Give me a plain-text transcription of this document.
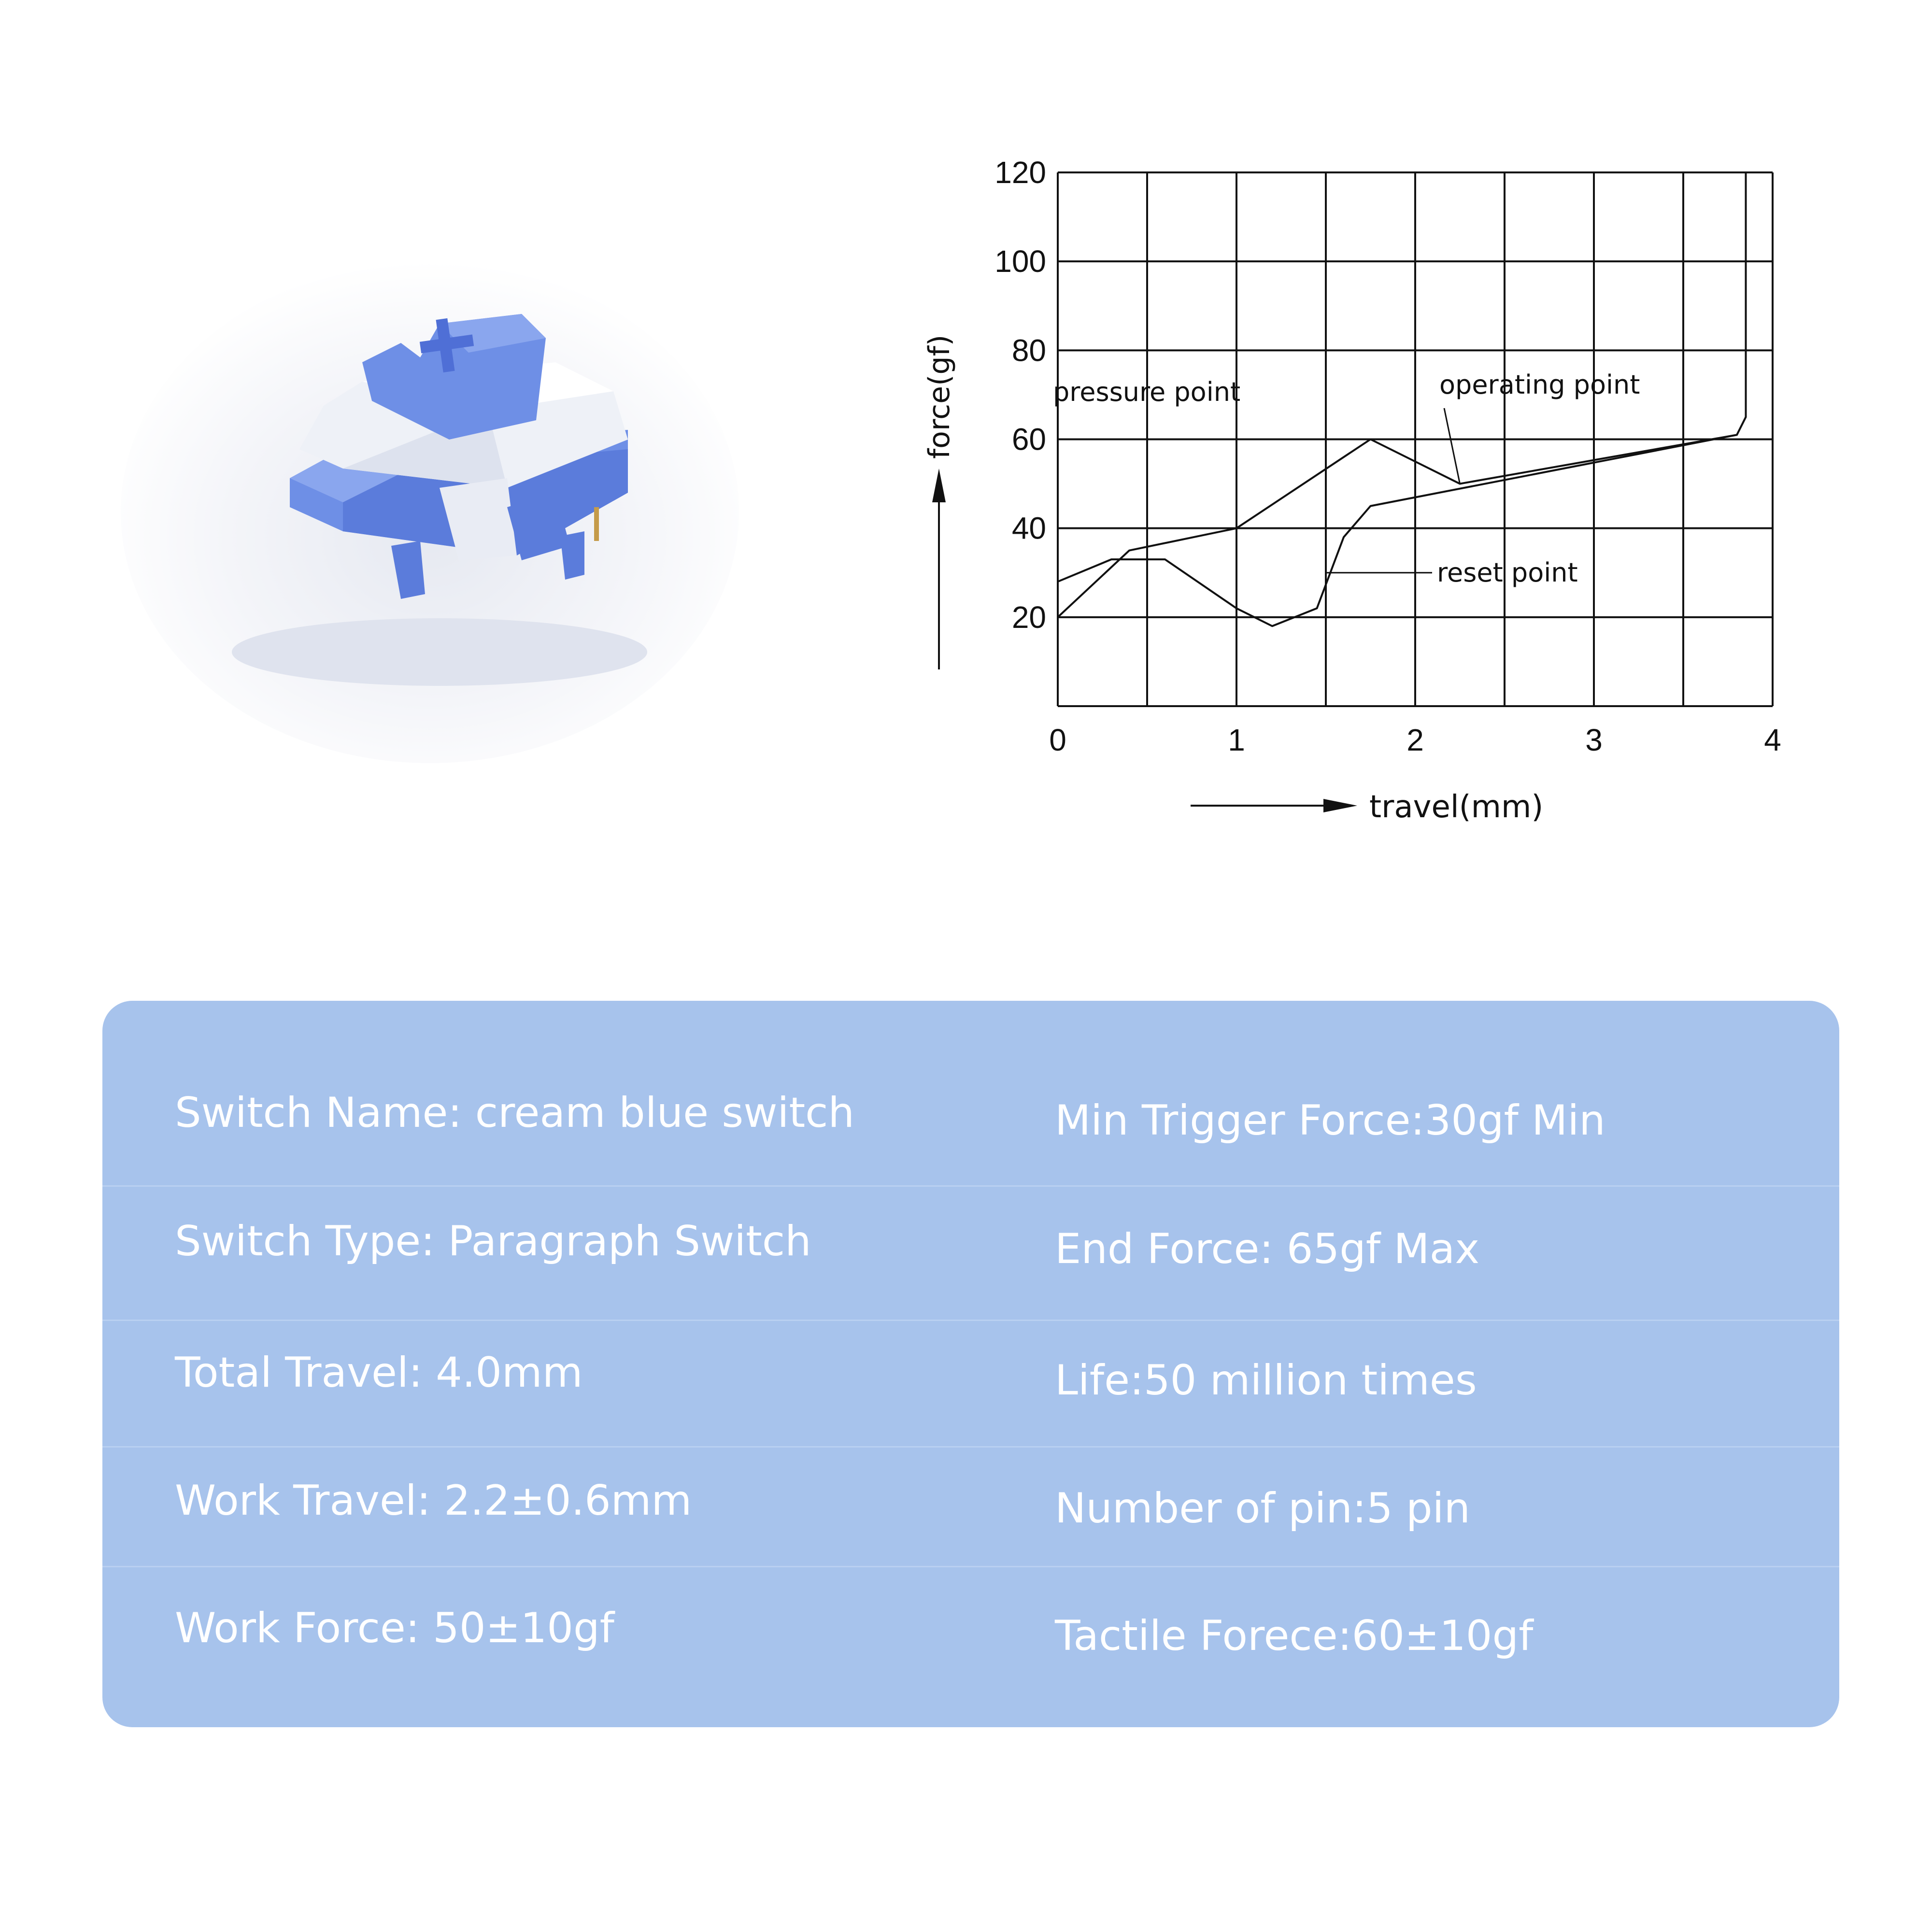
0	1	2	3	4
20
40
60
80
100
120
travel(mm)
force(gf)	pressure point	operating point
reset point
Switch Name: cream blue switch	Min Trigger Force:30gf Min
Switch Type: Paragraph Switch	End Force: 65gf Max
Total Travel: 4.0mm	Life:50 million times
Work Travel: 2.2±0.6mm	Number of pin:5 pin
Work Force: 50±10gf	Tactile Forece:60±10gf
